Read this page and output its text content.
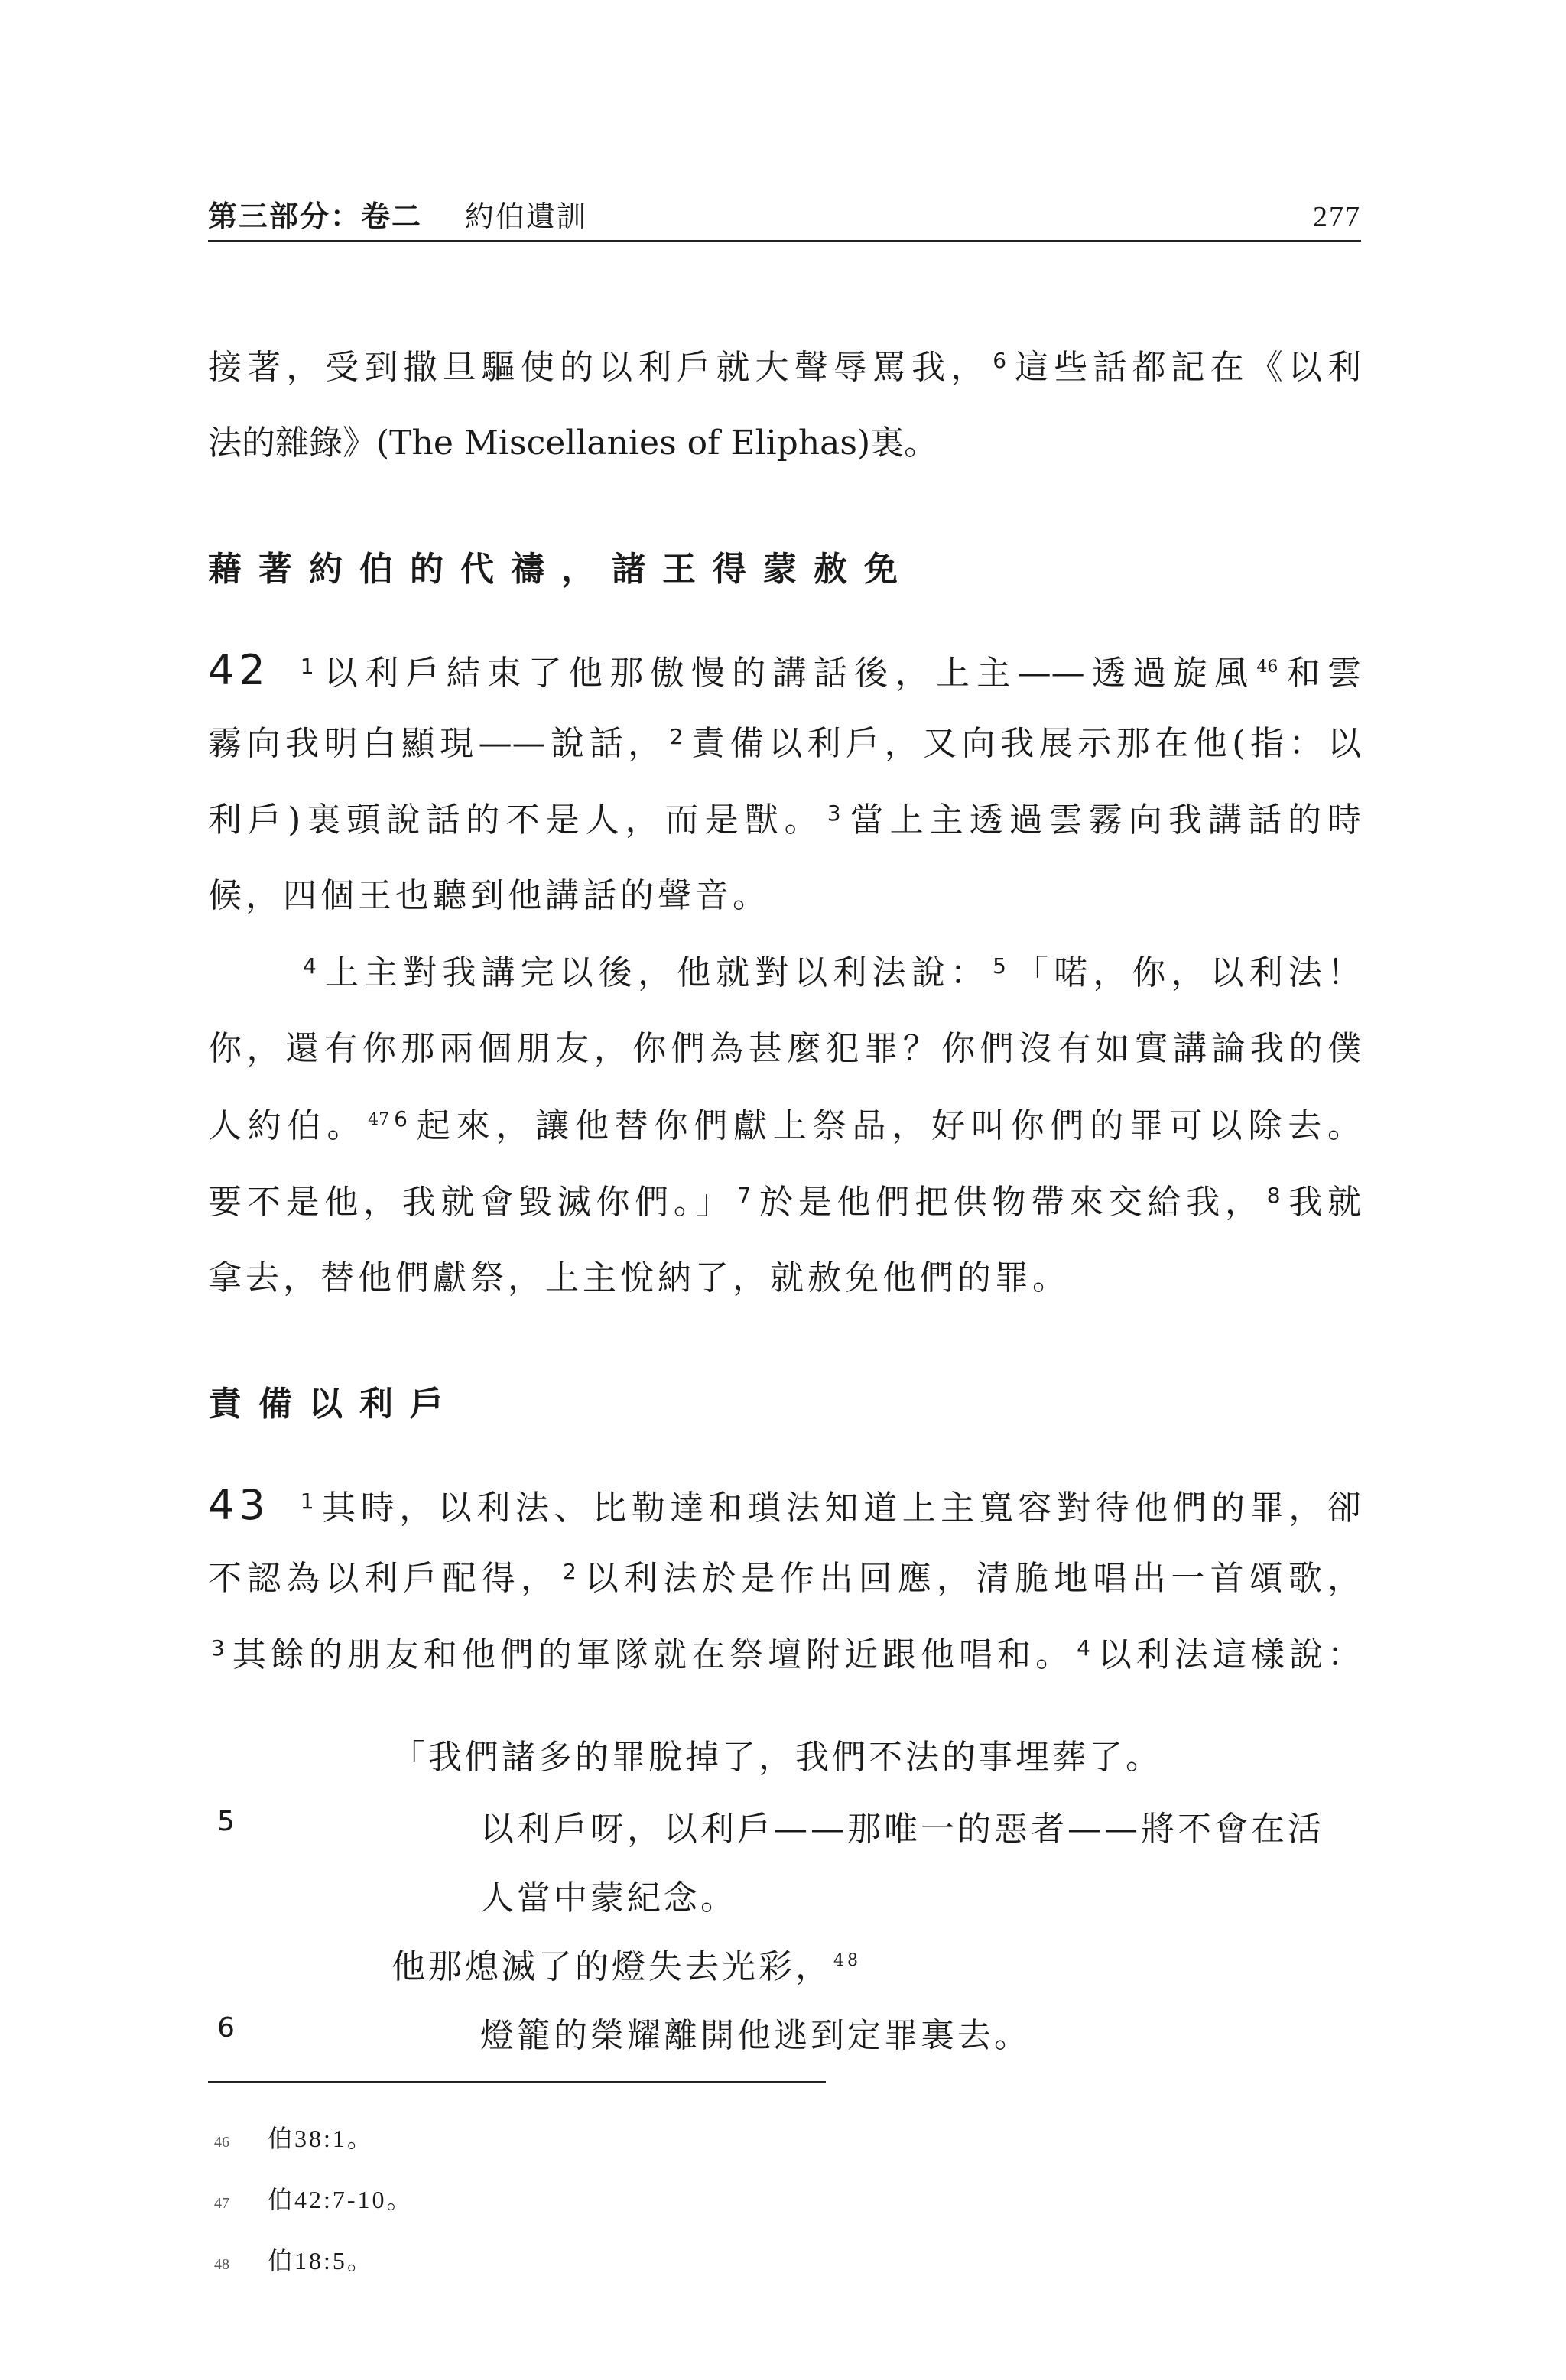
第三部分：卷二 約伯遺訓	277
接著，受到撒旦驅使的以利戶就大聲辱罵我， $^6$這些話都記在《以利
法的雜錄》(The Miscellanies of Eliphas)裏。
藉著約伯的代禱，諸王得蒙赦免
42 $^1$以利戶結束了他那傲慢的講話後，上主——透過旋風$^{46}$和雲
霧向我明白顯現——說話， $^2$責備以利戶，又向我展示那在他(指：以
利戶)裏頭說話的不是人，而是獸。 $^3$當上主透過雲霧向我講話的時
候，四個王也聽到他講話的聲音。
$^4$上主對我講完以後，他就對以利法說： $^5$「喏，你，以利法！
你，還有你那兩個朋友，你們為甚麼犯罪？你們沒有如實講論我的僕
人約伯。$^{47}$ $^6$起來，讓他替你們獻上祭品，好叫你們的罪可以除去。
要不是他，我就會毀滅你們。」 $^7$於是他們把供物帶來交給我， $^8$我就
拿去，替他們獻祭，上主悅納了，就赦免他們的罪。
責備以利戶
43 $^1$其時，以利法、比勒達和瑣法知道上主寬容對待他們的罪，卻
不認為以利戶配得， $^2$以利法於是作出回應，清脆地唱出一首頌歌，
$^3$其餘的朋友和他們的軍隊就在祭壇附近跟他唱和。 $^4$以利法這樣說：
「我們諸多的罪脫掉了，我們不法的事埋葬了。
5	以利戶呀，以利戶——那唯一的惡者——將不會在活
人當中蒙紀念。
他那熄滅了的燈失去光彩，$^{48}$
6	燈籠的榮耀離開他逃到定罪裏去。
46 伯38:1。
47 伯42:7-10。
48 伯18:5。
